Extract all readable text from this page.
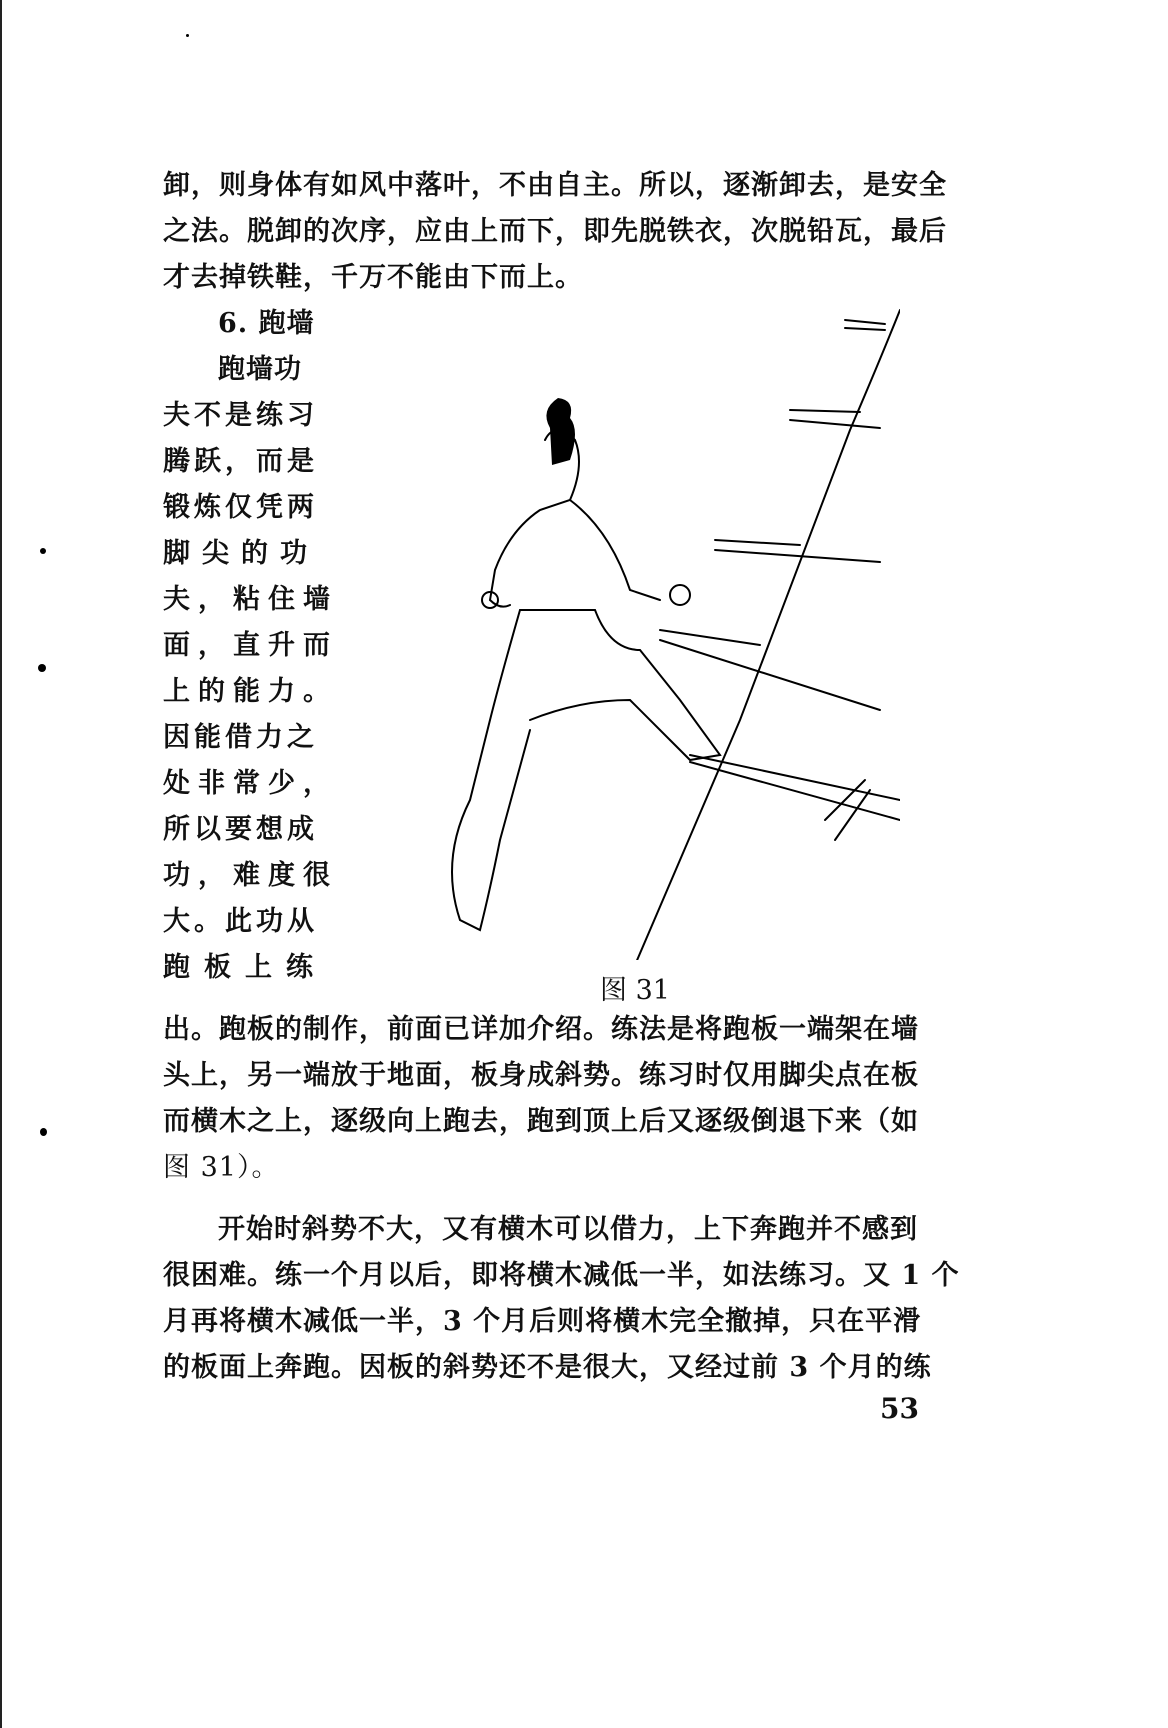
卸，则身体有如风中落叶，不由自主。所以，逐渐卸去，是安全
之法。脱卸的次序，应由上而下，即先脱铁衣，次脱铅瓦，最后
才去掉铁鞋，千万不能由下而上。
6. 跑墙
跑墙功
夫不是练习
腾跃，而是
锻炼仅凭两
脚尖的功
夫，粘住墙
面，直升而
上的能力。
因能借力之
处非常少，
所以要想成
功，难度很
大。此功从
跑板上练
图 31
出。跑板的制作，前面已详加介绍。练法是将跑板一端架在墙
头上，另一端放于地面，板身成斜势。练习时仅用脚尖点在板
而横木之上，逐级向上跑去，跑到顶上后又逐级倒退下来（如
图 31）。
开始时斜势不大，又有横木可以借力，上下奔跑并不感到
很困难。练一个月以后，即将横木减低一半，如法练习。又 1 个
月再将横木减低一半，3 个月后则将横木完全撤掉，只在平滑
的板面上奔跑。因板的斜势还不是很大，又经过前 3 个月的练
53
